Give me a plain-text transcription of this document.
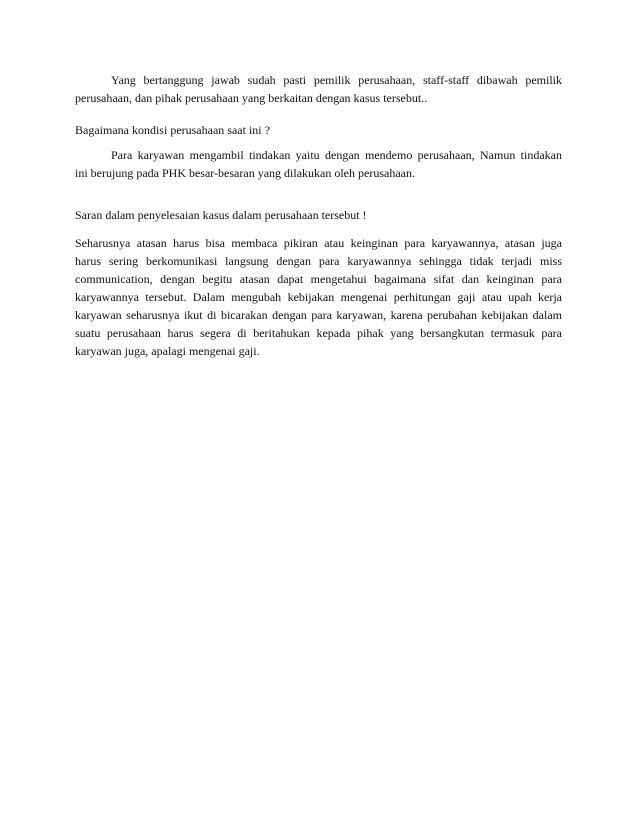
Yang bertanggung jawab sudah pasti pemilik perusahaan, staff-staff dibawah pemilik
perusahaan, dan pihak perusahaan yang berkaitan dengan kasus tersebut..

Bagaimana kondisi perusahaan saat ini ?

Para karyawan mengambil tindakan yaitu dengan mendemo perusahaan, Namun tindakan
ini berujung pada PHK besar-besaran yang dilakukan oleh perusahaan.

Saran dalam penyelesaian kasus dalam perusahaan tersebut !

Seharusnya atasan harus bisa membaca pikiran atau keinginan para karyawannya, atasan juga
harus sering berkomunikasi langsung dengan para karyawannya sehingga tidak terjadi miss
communication, dengan begitu atasan dapat mengetahui bagaimana sifat dan keinginan para
karyawannya tersebut. Dalam mengubah kebijakan mengenai perhitungan gaji atau upah kerja
karyawan seharusnya ikut di bicarakan dengan para karyawan, karena perubahan kebijakan dalam
suatu perusahaan harus segera di beritahukan kepada pihak yang bersangkutan termasuk para
karyawan juga, apalagi mengenai gaji.
